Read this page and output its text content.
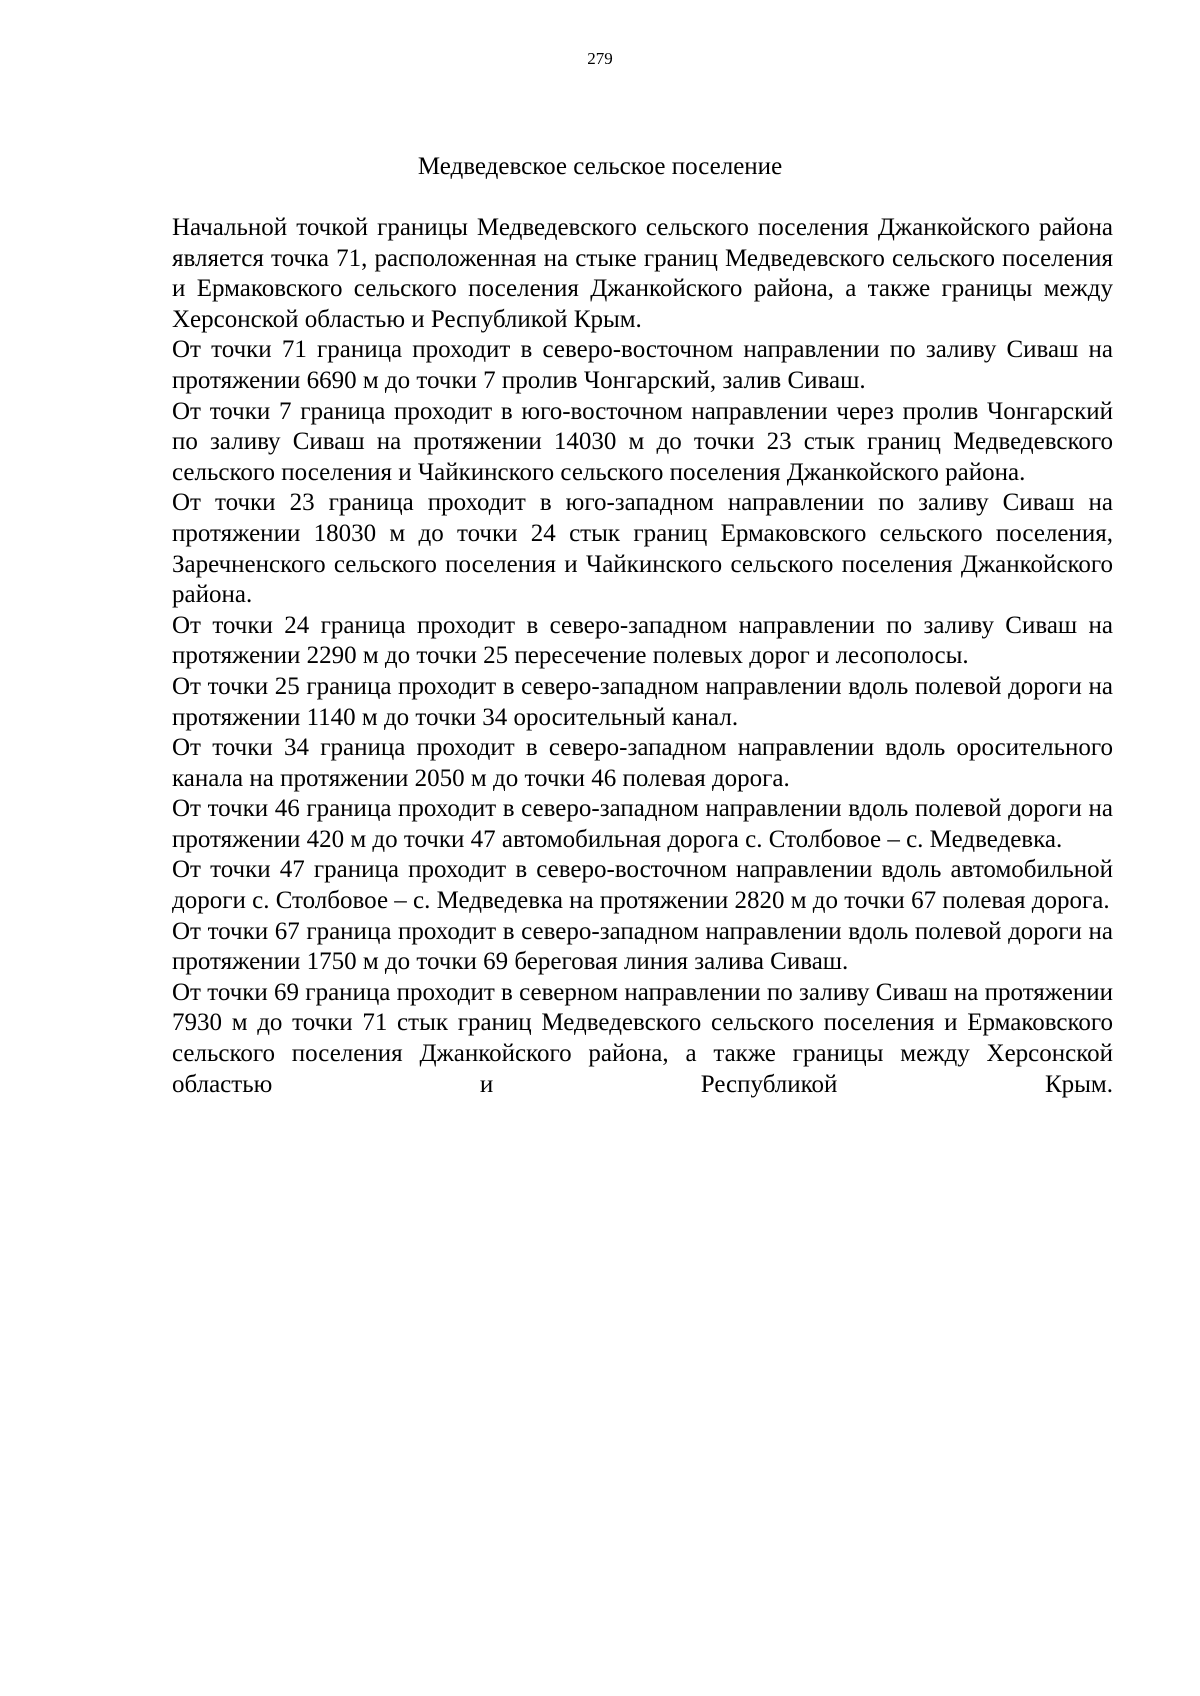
279
Медведевское сельское поселение

Начальной точкой границы Медведевского сельского поселения Джанкойского района является точка 71, расположенная на стыке границ Медведевского сельского поселения и Ермаковского сельского поселения Джанкойского района, а также границы между Херсонской областью и Республикой Крым.

От точки 71 граница проходит в северо-восточном направлении по заливу Сиваш на протяжении 6690 м до точки 7 пролив Чонгарский, залив Сиваш.

От точки 7 граница проходит в юго-восточном направлении через пролив Чонгарский по заливу Сиваш на протяжении 14030 м до точки 23 стык границ Медведевского сельского поселения и Чайкинского сельского поселения Джанкойского района.

От точки 23 граница проходит в юго-западном направлении по заливу Сиваш на протяжении 18030 м до точки 24 стык границ Ермаковского сельского поселения, Заречненского сельского поселения и Чайкинского сельского поселения Джанкойского района.

От точки 24 граница проходит в северо-западном направлении по заливу Сиваш на протяжении 2290 м до точки 25 пересечение полевых дорог и лесополосы.

От точки 25 граница проходит в северо-западном направлении вдоль полевой дороги на протяжении 1140 м до точки 34 оросительный канал.

От точки 34 граница проходит в северо-западном направлении вдоль оросительного канала на протяжении 2050 м до точки 46 полевая дорога.

От точки 46 граница проходит в северо-западном направлении вдоль полевой дороги на протяжении 420 м до точки 47 автомобильная дорога с. Столбовое – с. Медведевка.

От точки 47 граница проходит в северо-восточном направлении вдоль автомобильной дороги с. Столбовое – с. Медведевка на протяжении 2820 м до точки 67 полевая дорога.

От точки 67 граница проходит в северо-западном направлении вдоль полевой дороги на протяжении 1750 м до точки 69 береговая линия залива Сиваш.

От точки 69 граница проходит в северном направлении по заливу Сиваш на протяжении 7930 м до точки 71 стык границ Медведевского сельского поселения и Ермаковского сельского поселения Джанкойского района, а также границы между Херсонской областью и Республикой Крым.
